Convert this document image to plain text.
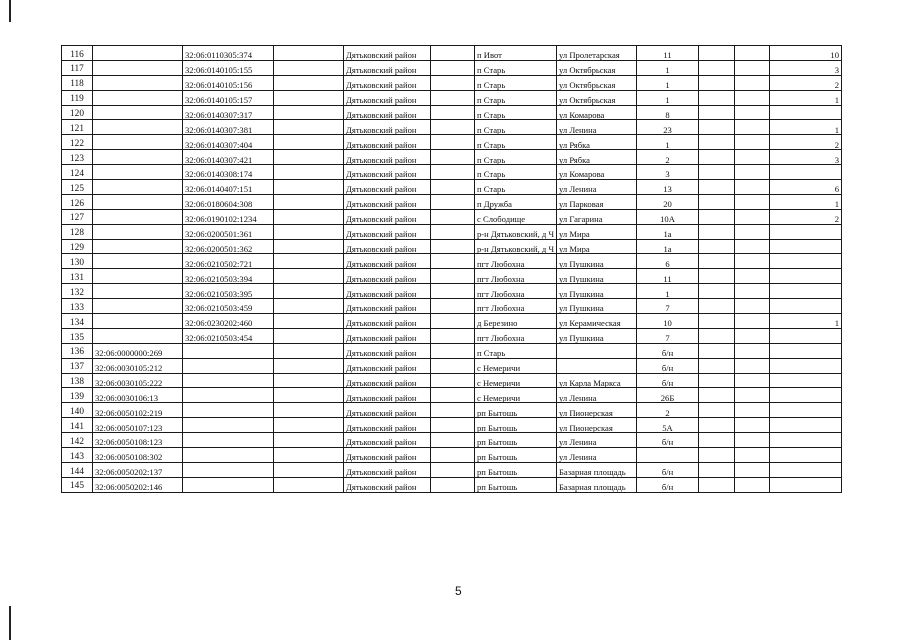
116		32:06:0110305:374		Дятьковский район		п Ивот	ул Пролетарская	11			10
117		32:06:0140105:155		Дятьковский район		п Старь	ул Октябрьская	1			3
118		32:06:0140105:156		Дятьковский район		п Старь	ул Октябрьская	1			2
119		32:06:0140105:157		Дятьковский район		п Старь	ул Октябрьская	1			1
120		32:06:0140307:317		Дятьковский район		п Старь	ул Комарова	8			
121		32:06:0140307:381		Дятьковский район		п Старь	ул Ленина	23			1
122		32:06:0140307:404		Дятьковский район		п Старь	ул Рябка	1			2
123		32:06:0140307:421		Дятьковский район		п Старь	ул Рябка	2			3
124		32:06:0140308:174		Дятьковский район		п Старь	ул Комарова	3			
125		32:06:0140407:151		Дятьковский район		п Старь	ул Ленина	13			6
126		32:06:0180604:308		Дятьковский район		п Дружба	ул Парковая	20			1
127		32:06:0190102:1234		Дятьковский район		с Слободище	ул Гагарина	10А			2
128		32:06:0200501:361		Дятьковский район		р-н Дятьковский, д Ч	ул Мира	1а			
129		32:06:0200501:362		Дятьковский район		р-н Дятьковский, д Ч	ул Мира	1а			
130		32:06:0210502:721		Дятьковский район		пгт Любохна	ул Пушкина	6			
131		32:06:0210503:394		Дятьковский район		пгт Любохна	ул Пушкина	11			
132		32:06:0210503:395		Дятьковский район		пгт Любохна	ул Пушкина	1			
133		32:06:0210503:459		Дятьковский район		пгт Любохна	ул Пушкина	7			
134		32:06:0230202:460		Дятьковский район		д Березино	ул Керамическая	10			1
135		32:06:0210503:454		Дятьковский район		пгт Любохна	ул Пушкина	7			
136	32:06:0000000:269			Дятьковский район		п Старь		б/н			
137	32:06:0030105:212			Дятьковский район		с Немеричи		б/н			
138	32:06:0030105:222			Дятьковский район		с Немеричи	ул Карла Маркса	б/н			
139	32:06:0030106:13			Дятьковский район		с Немеричи	ул Ленина	26Б			
140	32:06:0050102:219			Дятьковский район		рп Бытошь	ул Пионерская	2			
141	32:06:0050107:123			Дятьковский район		рп Бытошь	ул Пионерская	5А			
142	32:06:0050108:123			Дятьковский район		рп Бытошь	ул Ленина	б/н			
143	32:06:0050108:302			Дятьковский район		рп Бытошь	ул Ленина				
144	32:06:0050202:137			Дятьковский район		рп Бытошь	Базарная площадь	б/н			
145	32:06:0050202:146			Дятьковский район		рп Бытошь	Базарная площадь	б/н			
5
